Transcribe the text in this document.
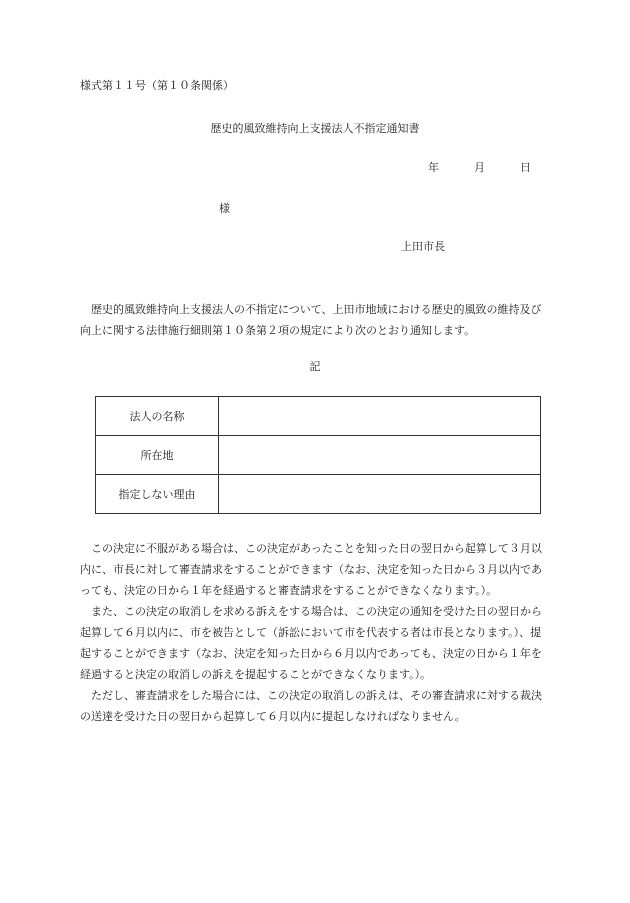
様式第１１号（第１０条関係）
歴史的風致維持向上支援法人不指定通知書
年	月	日
様
上田市長
歴史的風致維持向上支援法人の不指定について、上田市地域における歴史的風致の維持及び向上に関する法律施行細則第１０条第２項の規定により次のとおり通知します。
記
法人の名称	
所在地	
指定しない理由	

この決定に不服がある場合は、この決定があったことを知った日の翌日から起算して３月以内に、市長に対して審査請求をすることができます（なお、決定を知った日から３月以内であっても、決定の日から１年を経過すると審査請求をすることができなくなります。）。

また、この決定の取消しを求める訴えをする場合は、この決定の通知を受けた日の翌日から起算して６月以内に、市を被告として（訴訟において市を代表する者は市長となります。）、提起することができます（なお、決定を知った日から６月以内であっても、決定の日から１年を経過すると決定の取消しの訴えを提起することができなくなります。）。

ただし、審査請求をした場合には、この決定の取消しの訴えは、その審査請求に対する裁決の送達を受けた日の翌日から起算して６月以内に提起しなければなりません。
